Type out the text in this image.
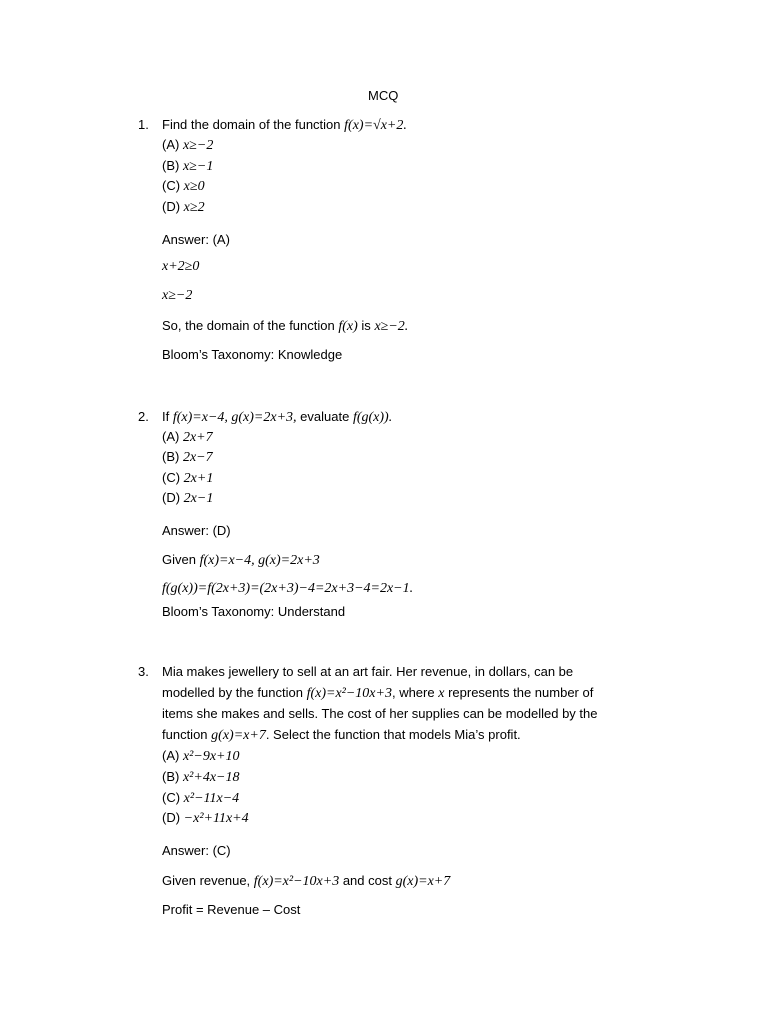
MCQ
1. Find the domain of the function f(x)=√x+2.
(A) x≥−2
(B) x≥−1
(C) x≥0
(D) x≥2
Answer: (A)
x+2≥0
x≥−2
So, the domain of the function f(x) is x≥−2.
Bloom’s Taxonomy: Knowledge
2. If f(x)=x−4, g(x)=2x+3, evaluate f(g(x)).
(A) 2x+7
(B) 2x−7
(C) 2x+1
(D) 2x−1
Answer: (D)
Given f(x)=x−4, g(x)=2x+3
f(g(x))=f(2x+3)=(2x+3)−4=2x+3−4=2x−1.
Bloom’s Taxonomy: Understand
3. Mia makes jewellery to sell at an art fair. Her revenue, in dollars, can be
modelled by the function f(x)=x²−10x+3, where x represents the number of
items she makes and sells. The cost of her supplies can be modelled by the
function g(x)=x+7. Select the function that models Mia’s profit.
(A) x²−9x+10
(B) x²+4x−18
(C) x²−11x−4
(D) −x²+11x+4
Answer: (C)
Given revenue, f(x)=x²−10x+3 and cost g(x)=x+7
Profit = Revenue – Cost
